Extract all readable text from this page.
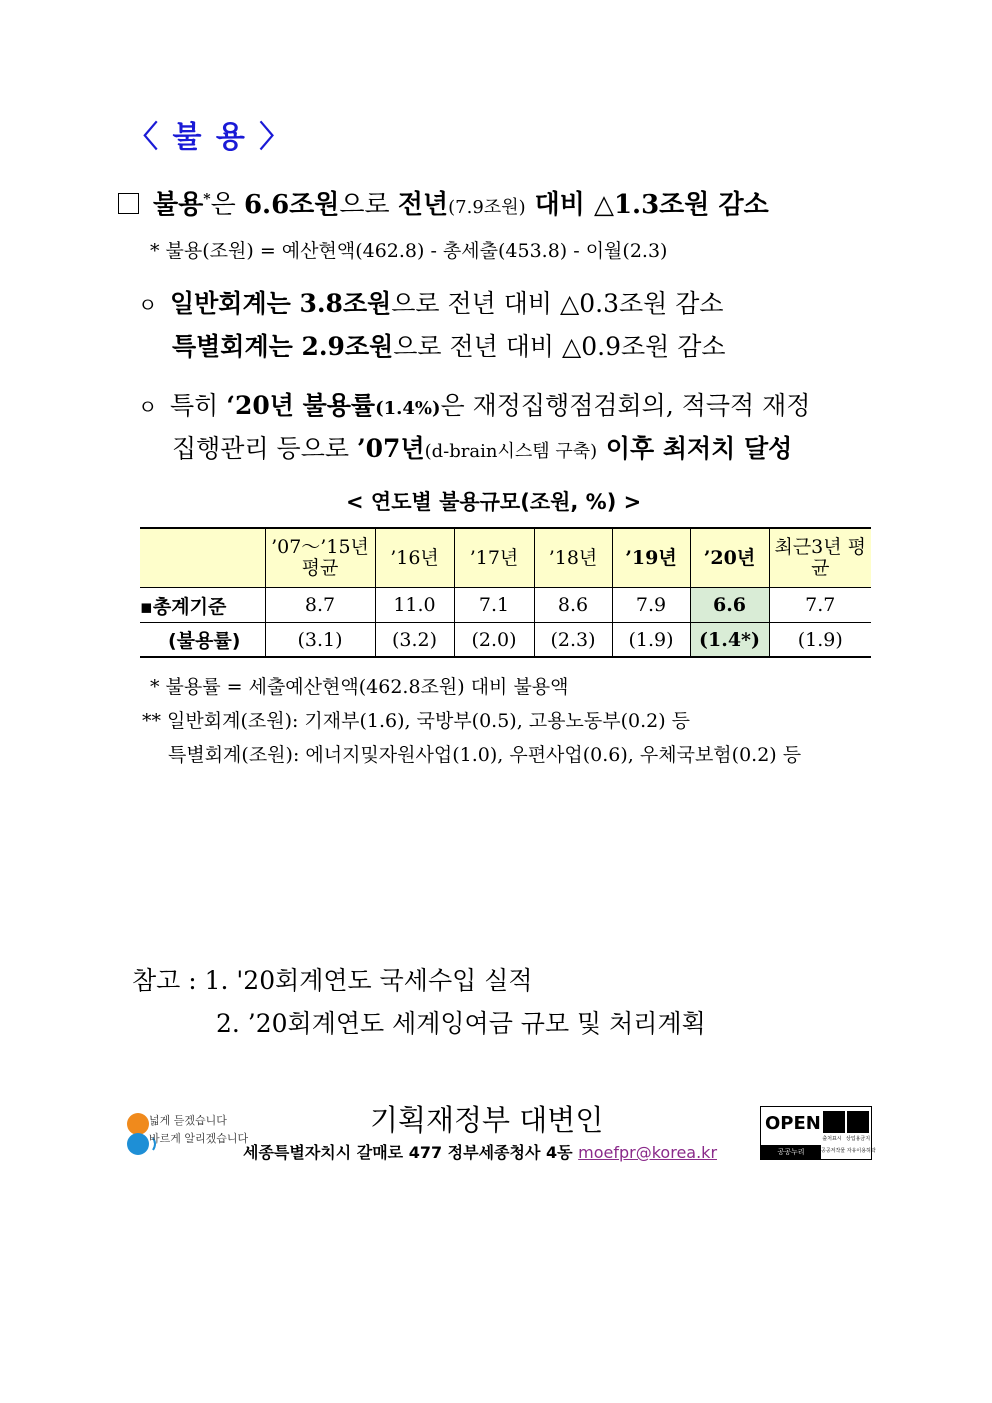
〈 불 용 〉
불용*은 6.6조원으로 전년(7.9조원) 대비 △1.3조원 감소
* 불용(조원) = 예산현액(462.8) - 총세출(453.8) - 이월(2.3)
ㅇ 일반회계는 3.8조원으로 전년 대비 △0.3조원 감소
특별회계는 2.9조원으로 전년 대비 △0.9조원 감소
ㅇ 특히 ‘20년 불용률(1.4%)은 재정집행점검회의, 적극적 재정
집행관리 등으로 ’07년(d-brain시스템 구축) 이후 최저치 달성
< 연도별 불용규모(조원, %) >
	’07～’15년 평균	’16년	’17년	’18년	’19년	’20년	최근3년 평균
▪총계기준	8.7	11.0	7.1	8.6	7.9	6.6	7.7
(불용률)	(3.1)	(3.2)	(2.0)	(2.3)	(1.9)	(1.4*)	(1.9)
* 불용률 = 세출예산현액(462.8조원) 대비 불용액
** 일반회계(조원): 기재부(1.6), 국방부(0.5), 고용노동부(0.2) 등
특별회계(조원): 에너지및자원사업(1.0), 우편사업(0.6), 우체국보험(0.2) 등
참고 : 1. '20회계연도 국세수입 실적
2. ’20회계연도 세계잉여금 규모 및 처리계획
넓게 듣겠습니다
바르게 알리겠습니다
기획재정부 대변인
세종특별자치시 갈매로 477 정부세종청사 4동 moefpr@korea.kr
OPEN
공공누리
출처표시 상업용금지
공공저작물 자유이용허락
